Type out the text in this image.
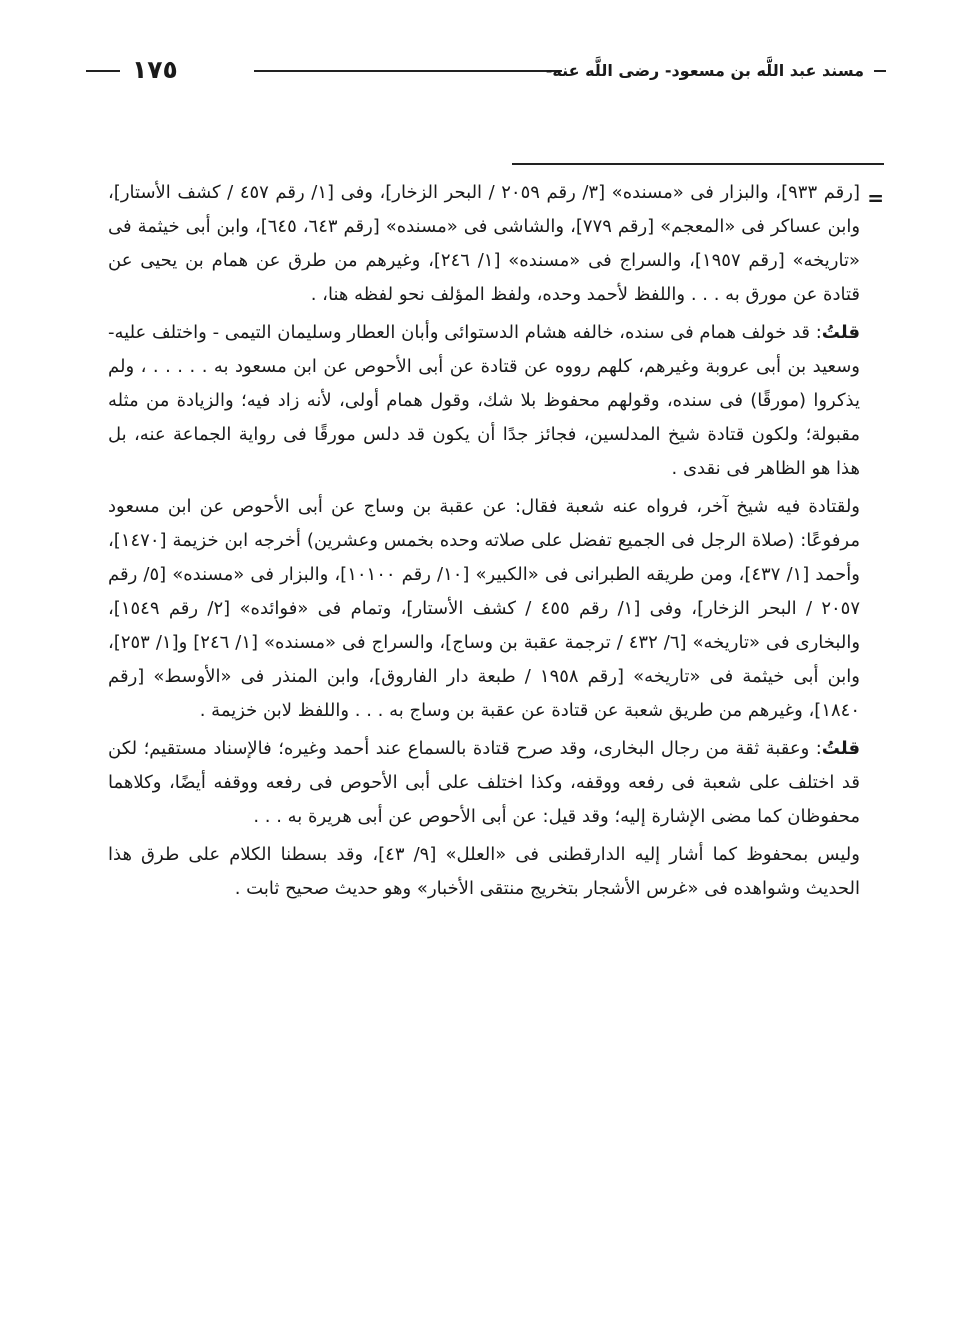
١٧٥	مسند عبد اللَّه بن مسعود- رضى اللَّه عنه-
=

[رقم ٩٣٣]، والبزار فى «مسنده» [٣/ رقم ٢٠٥٩ / البحر الزخار]، وفى [١/ رقم ٤٥٧ / كشف الأستار]، وابن عساكر فى «المعجم» [رقم ٧٧٩]، والشاشى فى «مسنده» [رقم ٦٤٣، ٦٤٥]، وابن أبى خيثمة فى «تاريخه» [رقم ١٩٥٧]، والسراج فى «مسنده» [١/ ٢٤٦]، وغيرهم من طرق عن همام بن يحيى عن قتادة عن مورق به . . . واللفظ لأحمد وحده، ولفظ المؤلف نحو لفظه هنا، .

قلتُ: قد خولف همام فى سنده، خالفه هشام الدستوائى وأبان العطار وسليمان التيمى - واختلف عليه- وسعيد بن أبى عروبة وغيرهم، كلهم رووه عن قتادة عن أبى الأحوص عن ابن مسعود به . . . . . ، ولم يذكروا (مورقًا) فى سنده، وقولهم محفوظ بلا شك، وقول همام أولى، لأنه زاد فيه؛ والزيادة من مثله مقبولة؛ ولكون قتادة شيخ المدلسين، فجائز جدًا أن يكون قد دلس مورقًا فى رواية الجماعة عنه، بل هذا هو الظاهر فى نقدى .

ولقتادة فيه شيخ آخر، فرواه عنه شعبة فقال: عن عقبة بن وساج عن أبى الأحوص عن ابن مسعود مرفوعًا: (صلاة الرجل فى الجميع تفضل على صلاته وحده بخمس وعشرين) أخرجه ابن خزيمة [١٤٧٠]، وأحمد [١/ ٤٣٧]، ومن طريقه الطبرانى فى «الكبير» [١٠/ رقم ١٠١٠٠]، والبزار فى «مسنده» [٥/ رقم ٢٠٥٧ / البحر الزخار]، وفى [١/ رقم ٤٥٥ / كشف الأستار]، وتمام فى «فوائده» [٢/ رقم ١٥٤٩]، والبخارى فى «تاريخه» [٦/ ٤٣٢ / ترجمة عقبة بن وساج]، والسراج فى «مسنده» [١/ ٢٤٦] و[١/ ٢٥٣]، وابن أبى خيثمة فى «تاريخه» [رقم ١٩٥٨ / طبعة دار الفاروق]، وابن المنذر فى «الأوسط» [رقم ١٨٤٠]، وغيرهم من طريق شعبة عن قتادة عن عقبة بن وساج به . . . واللفظ لابن خزيمة .

قلتُ: وعقبة ثقة من رجال البخارى، وقد صرح قتادة بالسماع عند أحمد وغيره؛ فالإسناد مستقيم؛ لكن قد اختلف على شعبة فى رفعه ووقفه، وكذا اختلف على أبى الأحوص فى رفعه ووقفه أيضًا، وكلاهما محفوظان كما مضى الإشارة إليه؛ وقد قيل: عن أبى الأحوص عن أبى هريرة به . . .

وليس بمحفوظ كما أشار إليه الدارقطنى فى «العلل» [٩/ ٤٣]، وقد بسطنا الكلام على طرق هذا الحديث وشواهده فى «غرس الأشجار بتخريج منتقى الأخبار» وهو حديث صحيح ثابت .
